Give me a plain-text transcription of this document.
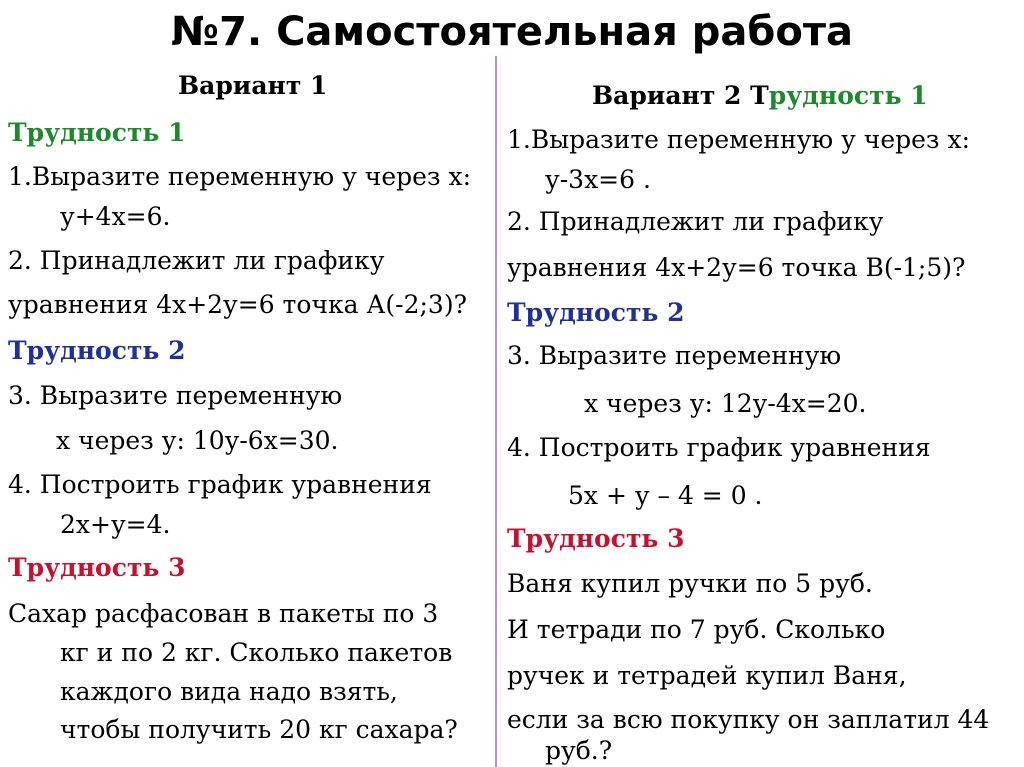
№7. Самостоятельная работа
Вариант 1
Трудность 1
1.Выразите переменную у через х:
у+4х=6.
2. Принадлежит ли графику
уравнения 4х+2у=6 точка А(-2;3)?
Трудность 2
3. Выразите переменную
х через у: 10у-6х=30.
4. Построить график уравнения
2х+у=4.
Трудность 3
Сахар расфасован в пакеты по 3
кг и по 2 кг. Сколько пакетов
каждого вида надо взять,
чтобы получить 20 кг сахара?
Вариант 2 Трудность 1
1.Выразите переменную у через х:
у-3х=6 .
2. Принадлежит ли графику
уравнения 4х+2у=6 точка В(-1;5)?
Трудность 2
3. Выразите переменную
х через у: 12у-4х=20.
4. Построить график уравнения
5х + у – 4 = 0 .
Трудность 3
Ваня купил ручки по 5 руб.
И тетради по 7 руб. Сколько
ручек и тетрадей купил Ваня,
если за всю покупку он заплатил 44
руб.?
